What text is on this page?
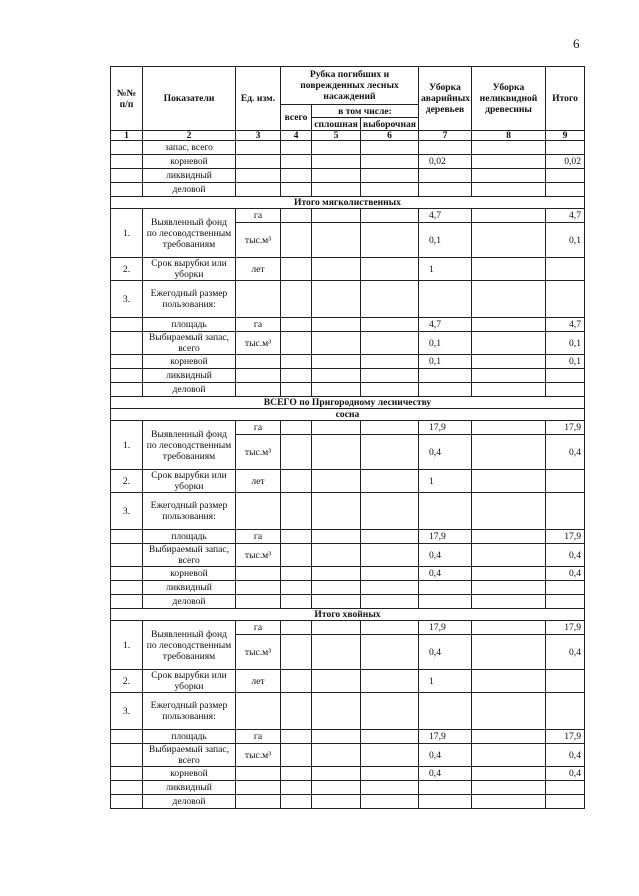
6
№№ п/п	Показатели	Ед. изм.	Рубка погибших и поврежденных лесных насаждений			Уборка аварийных деревьев	Уборка неликвидной древесины	Итого
			всего	в том числе:				
				сплошная	выборочная			
1	2	3	4	5	6	7	8	9
	запас, всего							
	корневой					0,02		0,02
	ликвидный							
	деловой							
Итого мягколиственных								
1.	Выявленный фонд по лесоводственным требованиям	га				4,7		4,7
		тыс.м³				0,1		0,1
2.	Срок вырубки или уборки	лет				1		
3.	Ежегодный размер пользования:							
	площадь	га				4,7		4,7
	Выбираемый запас, всего	тыс.м³				0,1		0,1
	корневой					0,1		0,1
	ликвидный							
	деловой							
ВСЕГО по Пригородному лесничеству								
сосна								
1.	Выявленный фонд по лесоводственным требованиям	га				17,9		17,9
		тыс.м³				0,4		0,4
2.	Срок вырубки или уборки	лет				1		
3.	Ежегодный размер пользования:							
	площадь	га				17,9		17,9
	Выбираемый запас, всего	тыс.м³				0,4		0,4
	корневой					0,4		0,4
	ликвидный							
	деловой							
Итого хвойных								
1.	Выявленный фонд по лесоводственным требованиям	га				17,9		17,9
		тыс.м³				0,4		0,4
2.	Срок вырубки или уборки	лет				1		
3.	Ежегодный размер пользования:							
	площадь	га				17,9		17,9
	Выбираемый запас, всего	тыс.м³				0,4		0,4
	корневой					0,4		0,4
	ликвидный							
	деловой							
